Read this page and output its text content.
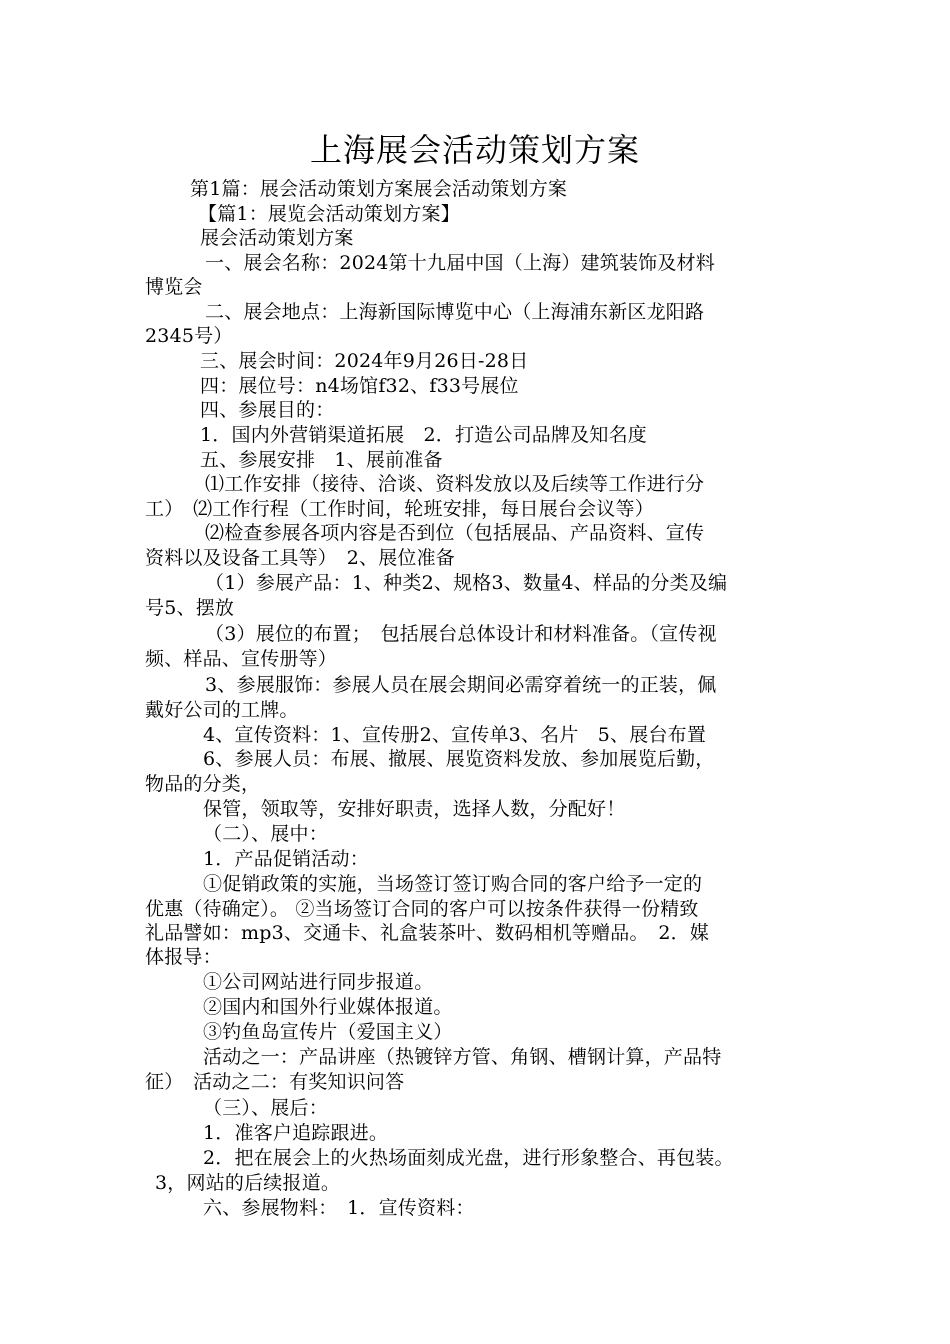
上海展会活动策划方案
第1篇：展会活动策划方案展会活动策划方案
【篇1：展览会活动策划方案】
展会活动策划方案
一、展会名称：2024第十九届中国（上海）建筑装饰及材料
博览会
二、展会地点：上海新国际博览中心（上海浦东新区龙阳路
2345号）
三、展会时间：2024年9月26日-28日
四：展位号：n4场馆f32、f33号展位
四、参展目的：
1．国内外营销渠道拓展　2．打造公司品牌及知名度
五、参展安排　1、展前准备
⑴工作安排（接待、洽谈、资料发放以及后续等工作进行分
工）　⑵工作行程（工作时间，轮班安排，每日展台会议等）
⑵检查参展各项内容是否到位（包括展品、产品资料、宣传
资料以及设备工具等）　2、展位准备
（1）参展产品：1、种类2、规格3、数量4、样品的分类及编
号5、摆放
（3）展位的布置；　包括展台总体设计和材料准备。（宣传视
频、样品、宣传册等）
3、参展服饰：参展人员在展会期间必需穿着统一的正装，佩
戴好公司的工牌。
4、宣传资料：1、宣传册2、宣传单3、名片　5、展台布置
6、参展人员：布展、撤展、展览资料发放、参加展览后勤，
物品的分类，
保管，领取等，安排好职责，选择人数，分配好！
（二）、展中：
1．产品促销活动：
①促销政策的实施，当场签订签订购合同的客户给予一定的
优惠（待确定）。 ②当场签订合同的客户可以按条件获得一份精致
礼品譬如：mp3、交通卡、礼盒装茶叶、数码相机等赠品。　2．媒
体报导：
①公司网站进行同步报道。
②国内和国外行业媒体报道。
③钓鱼岛宣传片（爱国主义）
活动之一：产品讲座（热镀锌方管、角钢、槽钢计算，产品特
征）　活动之二：有奖知识问答
（三）、展后：
1．准客户追踪跟进。
2．把在展会上的火热场面刻成光盘，进行形象整合、再包装。
3，网站的后续报道。
六、参展物料：　1．宣传资料：
